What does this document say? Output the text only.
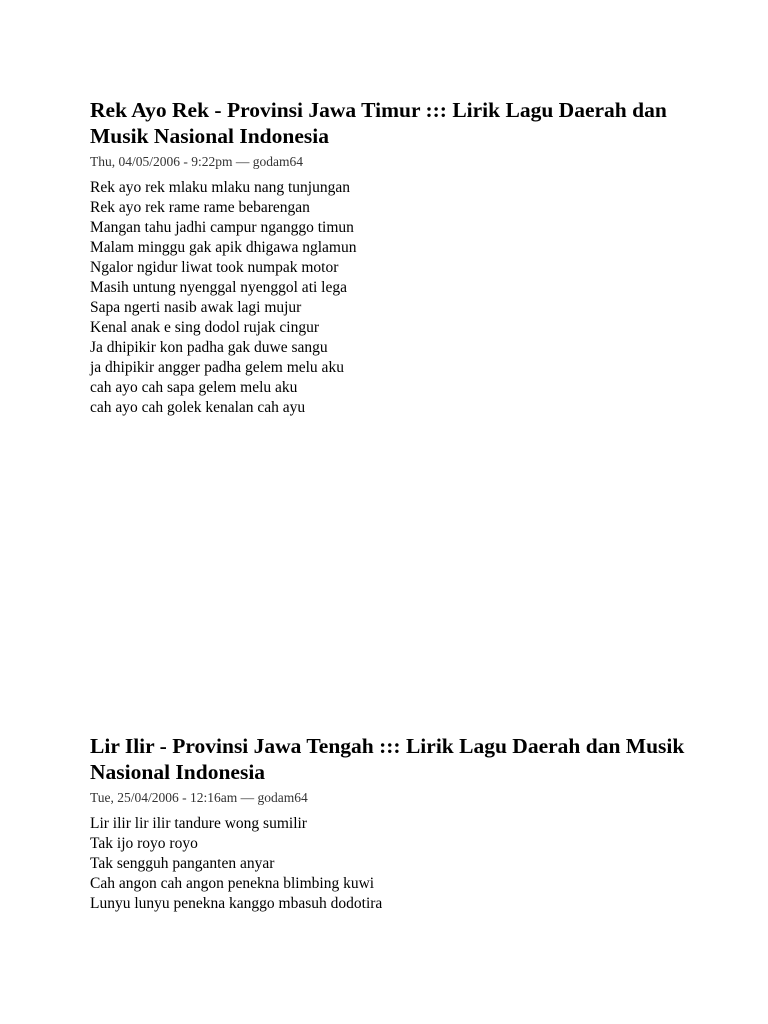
Rek Ayo Rek - Provinsi Jawa Timur ::: Lirik Lagu Daerah dan Musik Nasional Indonesia
Thu, 04/05/2006 - 9:22pm — godam64
Rek ayo rek mlaku mlaku nang tunjungan
Rek ayo rek rame rame bebarengan
Mangan tahu jadhi campur nganggo timun
Malam minggu gak apik dhigawa nglamun
Ngalor ngidur liwat took numpak motor
Masih untung nyenggal nyenggol ati lega
Sapa ngerti nasib awak lagi mujur
Kenal anak e sing dodol rujak cingur
Ja dhipikir kon padha gak duwe sangu
ja dhipikir angger padha gelem melu aku
cah ayo cah sapa gelem melu aku
cah ayo cah golek kenalan cah ayu
Lir Ilir - Provinsi Jawa Tengah ::: Lirik Lagu Daerah dan Musik Nasional Indonesia
Tue, 25/04/2006 - 12:16am — godam64
Lir ilir lir ilir tandure wong sumilir
Tak ijo royo royo
Tak sengguh panganten anyar
Cah angon cah angon penekna blimbing kuwi
Lunyu lunyu penekna kanggo mbasuh dodotira
